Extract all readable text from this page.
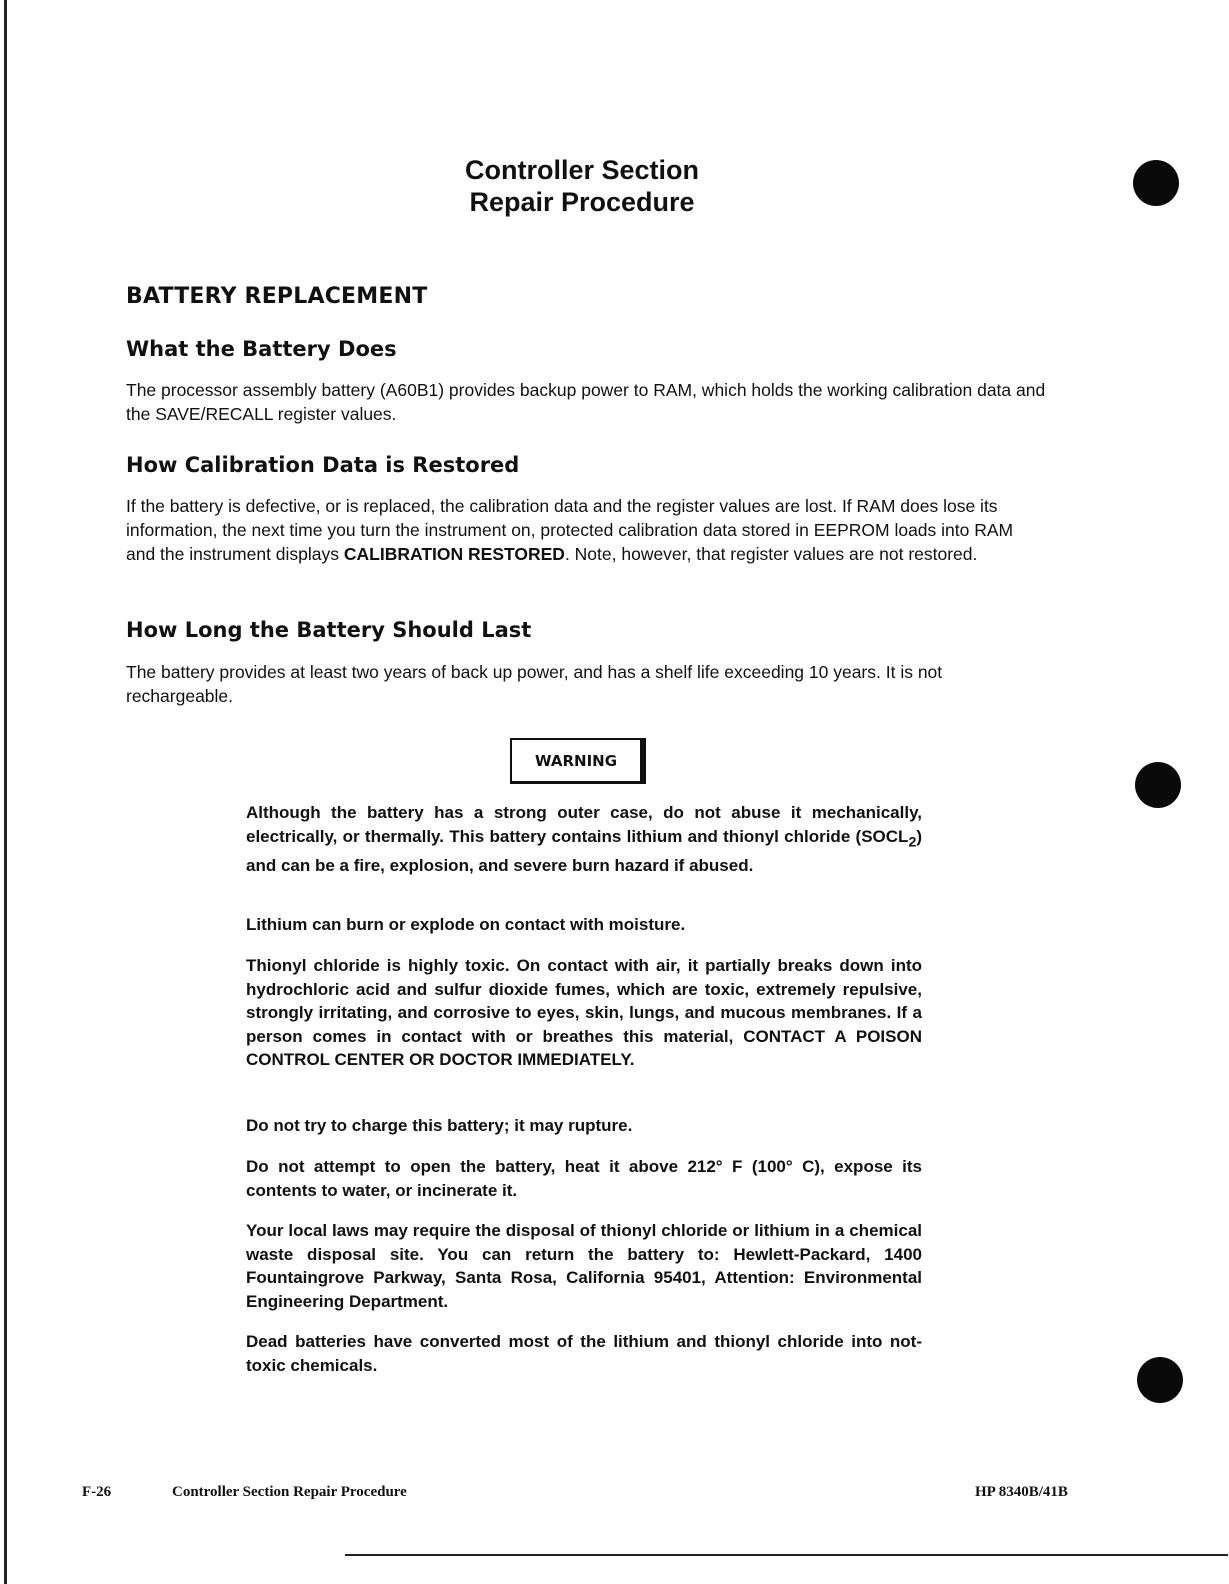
Controller Section
Repair Procedure
BATTERY REPLACEMENT
What the Battery Does

The processor assembly battery (A60B1) provides backup power to RAM, which holds the working calibration data and the SAVE/RECALL register values.

How Calibration Data is Restored

If the battery is defective, or is replaced, the calibration data and the register values are lost. If RAM does lose its information, the next time you turn the instrument on, protected calibration data stored in EEPROM loads into RAM and the instrument displays CALIBRATION RESTORED. Note, however, that register values are not restored.

How Long the Battery Should Last

The battery provides at least two years of back up power, and has a shelf life exceeding 10 years. It is not rechargeable.

WARNING

Although the battery has a strong outer case, do not abuse it mechanically, electrically, or thermally. This battery contains lithium and thionyl chloride $(SOCL_2)$ and can be a fire, explosion, and severe burn hazard if abused.

Lithium can burn or explode on contact with moisture.

Thionyl chloride is highly toxic. On contact with air, it partially breaks down into hydrochloric acid and sulfur dioxide fumes, which are toxic, extremely repulsive, strongly irritating, and corrosive to eyes, skin, lungs, and mucous membranes. If a person comes in contact with or breathes this material, CONTACT A POISON CONTROL CENTER OR DOCTOR IMMEDIATELY.

Do not try to charge this battery; it may rupture.

Do not attempt to open the battery, heat it above 212° F (100° C), expose its contents to water, or incinerate it.

Your local laws may require the disposal of thionyl chloride or lithium in a chemical waste disposal site. You can return the battery to: Hewlett-Packard, 1400 Fountaingrove Parkway, Santa Rosa, California 95401, Attention: Environmental Engineering Department.

Dead batteries have converted most of the lithium and thionyl chloride into not-toxic chemicals.

F-26	Controller Section Repair Procedure	HP 8340B/41B
